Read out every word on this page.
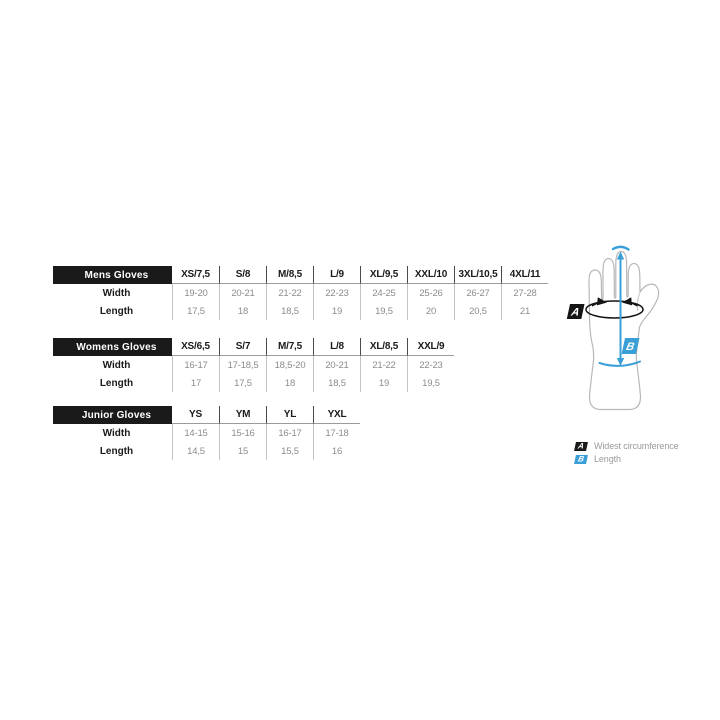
Mens Gloves	XS/7,5	S/8	M/8,5	L/9	XL/9,5	XXL/10	3XL/10,5	4XL/11
Width	19-20	20-21	21-22	22-23	24-25	25-26	26-27	27-28
Length	17,5	18	18,5	19	19,5	20	20,5	21
Womens Gloves	XS/6,5	S/7	M/7,5	L/8	XL/8,5	XXL/9
Width	16-17	17-18,5	18,5-20	20-21	21-22	22-23
Length	17	17,5	18	18,5	19	19,5
Junior Gloves	YS	YM	YL	YXL
Width	14-15	15-16	16-17	17-18
Length	14,5	15	15,5	16
A
B
A Widest circumference
B Length
